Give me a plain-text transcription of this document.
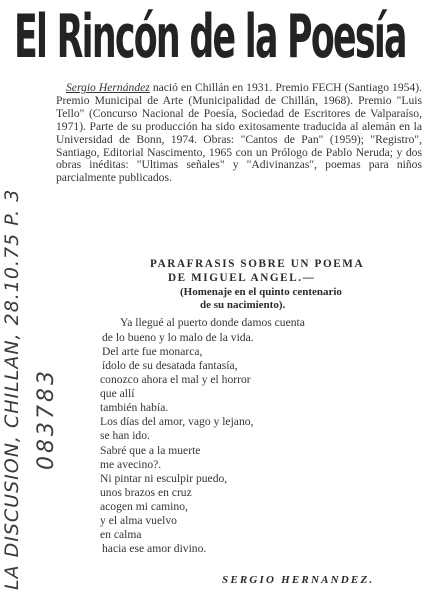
El Rincón de la Poesía

Sergio Hernández nació en Chillán en 1931. Premio FECH (Santiago 1954). Premio Municipal de Arte (Municipalidad de Chillán, 1968). Premio "Luis Tello" (Concurso Nacional de Poesía, Sociedad de Escritores de Valparaíso, 1971). Parte de su producción ha sido exitosamente traducida al alemán en la Universidad de Bonn, 1974. Obras: "Cantos de Pan" (1959); "Registro", Santiago, Editorial Nascimento, 1965 con un Prólogo de Pablo Neruda; y dos obras inéditas: "Ultimas señales" y "Adivinanzas", poemas para niños parcialmente publicados.

PARAFRASIS SOBRE UN POEMA

DE MIGUEL ANGEL.—

(Homenaje en el quinto centenario

de su nacimiento).

Ya llegué al puerto donde damos cuenta
de lo bueno y lo malo de la vida.
Del arte fue monarca,
ídolo de su desatada fantasía,
conozco ahora el mal y el horror
que allí
también había.
Los días del amor, vago y lejano,
se han ido.
Sabré que a la muerte
me avecino?.
Ni pintar ni esculpir puedo,
unos brazos en cruz
acogen mi camino,
y el alma vuelvo
en calma
hacia ese amor divino.

SERGIO HERNANDEZ.

LA DISCUSION, CHILLAN, 28.10.75 P. 3 083783
